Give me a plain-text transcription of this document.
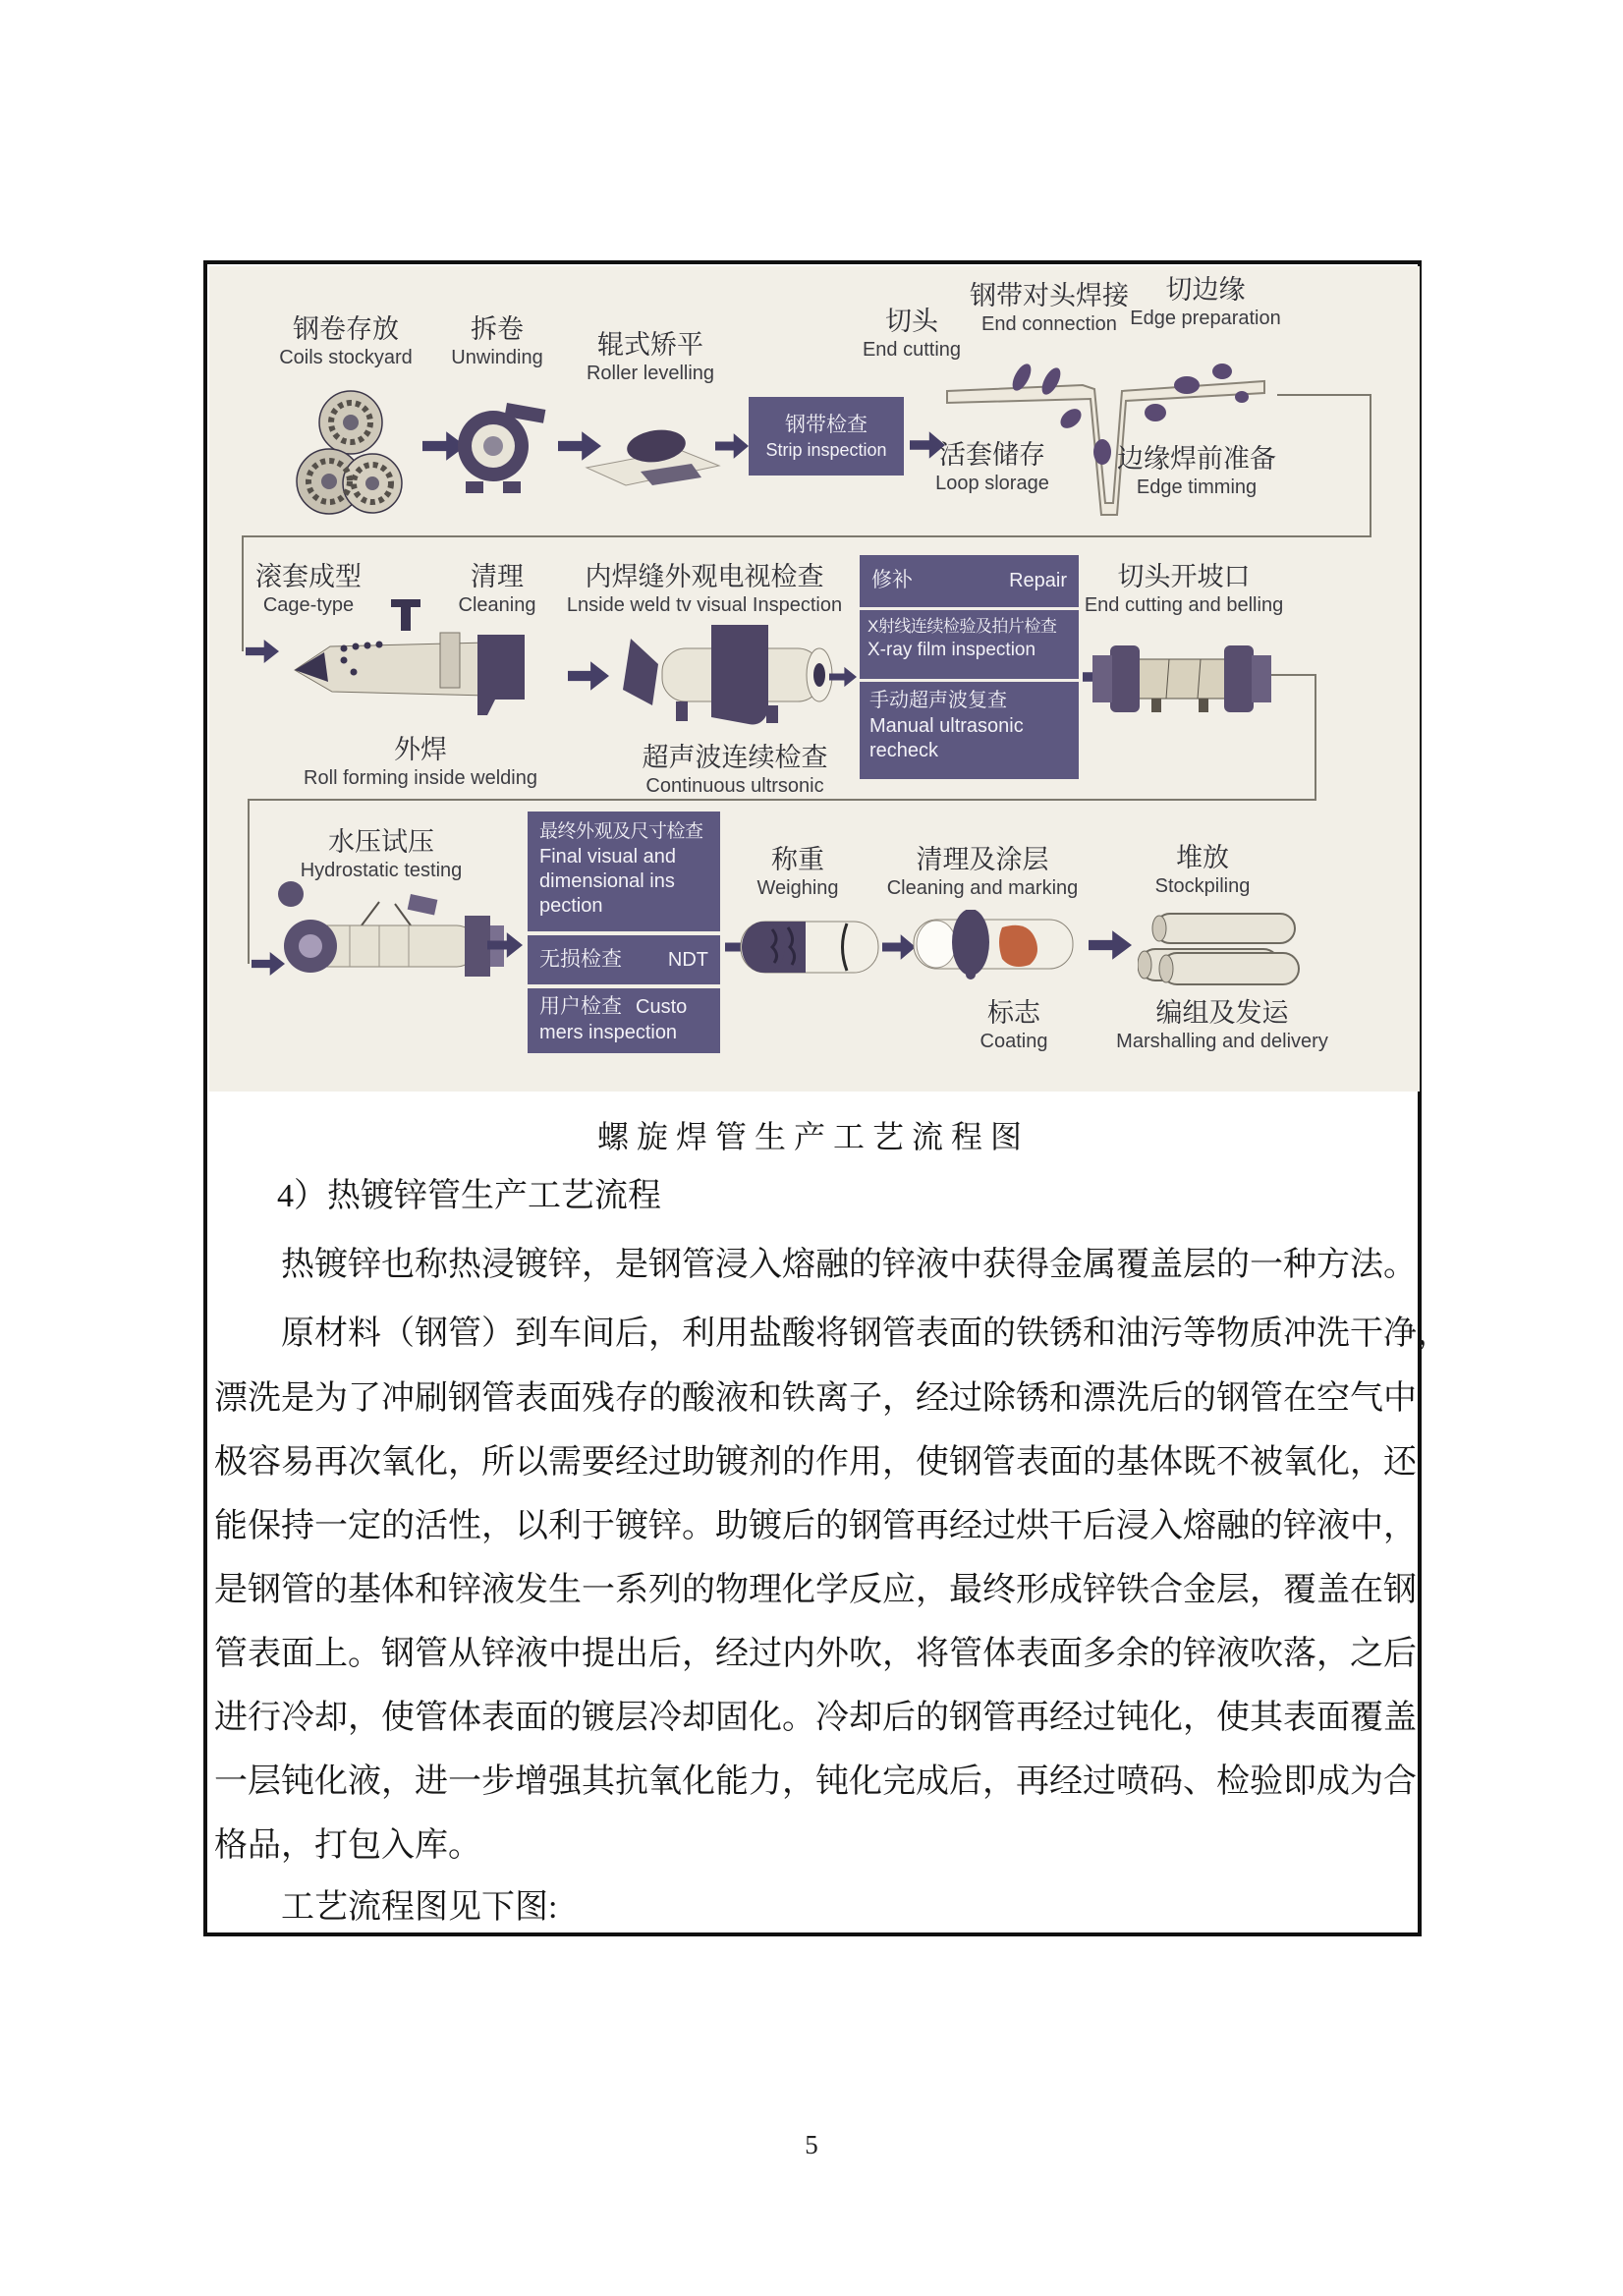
钢卷存放
Coils stockyard
拆卷
Unwinding	辊式矫平
Roller levelling
钢带检查
Strip inspection
切头
End cutting
钢带对头焊接
End connection
切边缘
Edge preparation
活套储存
Loop slorage
边缘焊前准备
Edge timming
滚套成型
Cage-type
清理
Cleaning
内焊缝外观电视检查
Lnside weld tv visual Inspection
外焊
Roll forming inside welding
超声波连续检查
Continuous ultrsonic
修补	Repair
X射线连续检验及拍片检查
X-ray film inspection
手动超声波复查
Manual ultrasonic recheck
切头开坡口
End cutting and belling
水压试压
Hydrostatic testing
最终外观及尺寸检查
Final visual and dimensional ins pection
无损检查 NDT
用户检查 Custo mers inspection
称重
Weighing
清理及涂层
Cleaning and marking
标志
Coating
堆放
Stockpiling
编组及发运
Marshalling and delivery
螺旋焊管生产工艺流程图
4）热镀锌管生产工艺流程
热镀锌也称热浸镀锌，是钢管浸入熔融的锌液中获得金属覆盖层的一种方法。
原材料（钢管）到车间后，利用盐酸将钢管表面的铁锈和油污等物质冲洗干净，
漂洗是为了冲刷钢管表面残存的酸液和铁离子，经过除锈和漂洗后的钢管在空气中
极容易再次氧化，所以需要经过助镀剂的作用，使钢管表面的基体既不被氧化，还
能保持一定的活性，以利于镀锌。助镀后的钢管再经过烘干后浸入熔融的锌液中，
是钢管的基体和锌液发生一系列的物理化学反应，最终形成锌铁合金层，覆盖在钢
管表面上。钢管从锌液中提出后，经过内外吹，将管体表面多余的锌液吹落，之后
进行冷却，使管体表面的镀层冷却固化。冷却后的钢管再经过钝化，使其表面覆盖
一层钝化液，进一步增强其抗氧化能力，钝化完成后，再经过喷码、检验即成为合
格品，打包入库。
工艺流程图见下图:
5
